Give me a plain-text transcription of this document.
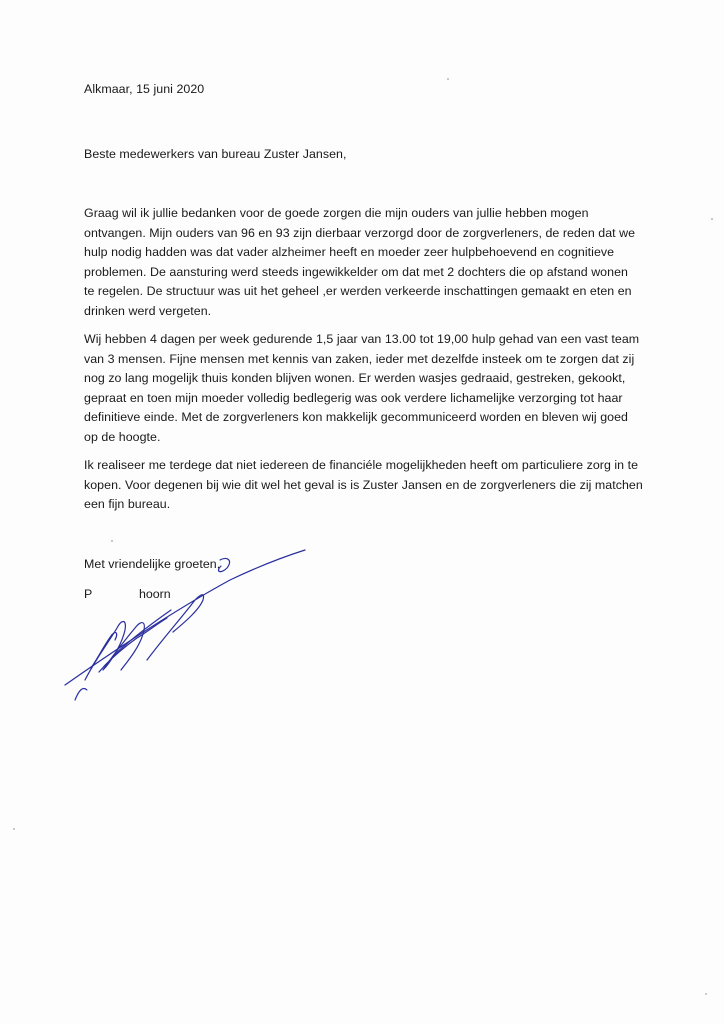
Alkmaar, 15 juni 2020
Beste medewerkers van bureau Zuster Jansen,
Graag wil ik jullie bedanken voor de goede zorgen die mijn ouders van jullie hebben mogen
ontvangen. Mijn ouders van 96 en 93 zijn dierbaar verzorgd door de zorgverleners, de reden dat we
hulp nodig hadden was dat vader alzheimer heeft en moeder zeer hulpbehoevend en cognitieve
problemen. De aansturing werd steeds ingewikkelder om dat met 2 dochters die op afstand wonen
te regelen. De structuur was uit het geheel ,er werden verkeerde inschattingen gemaakt en eten en
drinken werd vergeten.
Wij hebben 4 dagen per week gedurende 1,5 jaar van 13.00 tot 19,00 hulp gehad van een vast team
van 3 mensen. Fijne mensen met kennis van zaken, ieder met dezelfde insteek om te zorgen dat zij
nog zo lang mogelijk thuis konden blijven wonen. Er werden wasjes gedraaid, gestreken, gekookt,
gepraat en toen mijn moeder volledig bedlegerig was ook verdere lichamelijke verzorging tot haar
definitieve einde. Met de zorgverleners kon makkelijk gecommuniceerd worden en bleven wij goed
op de hoogte.
Ik realiseer me terdege dat niet iedereen de financiéle mogelijkheden heeft om particuliere zorg in te
kopen. Voor degenen bij wie dit wel het geval is is Zuster Jansen en de zorgverleners die zij matchen
een fijn bureau.
Met vriendelijke groeten,
P	hoorn
